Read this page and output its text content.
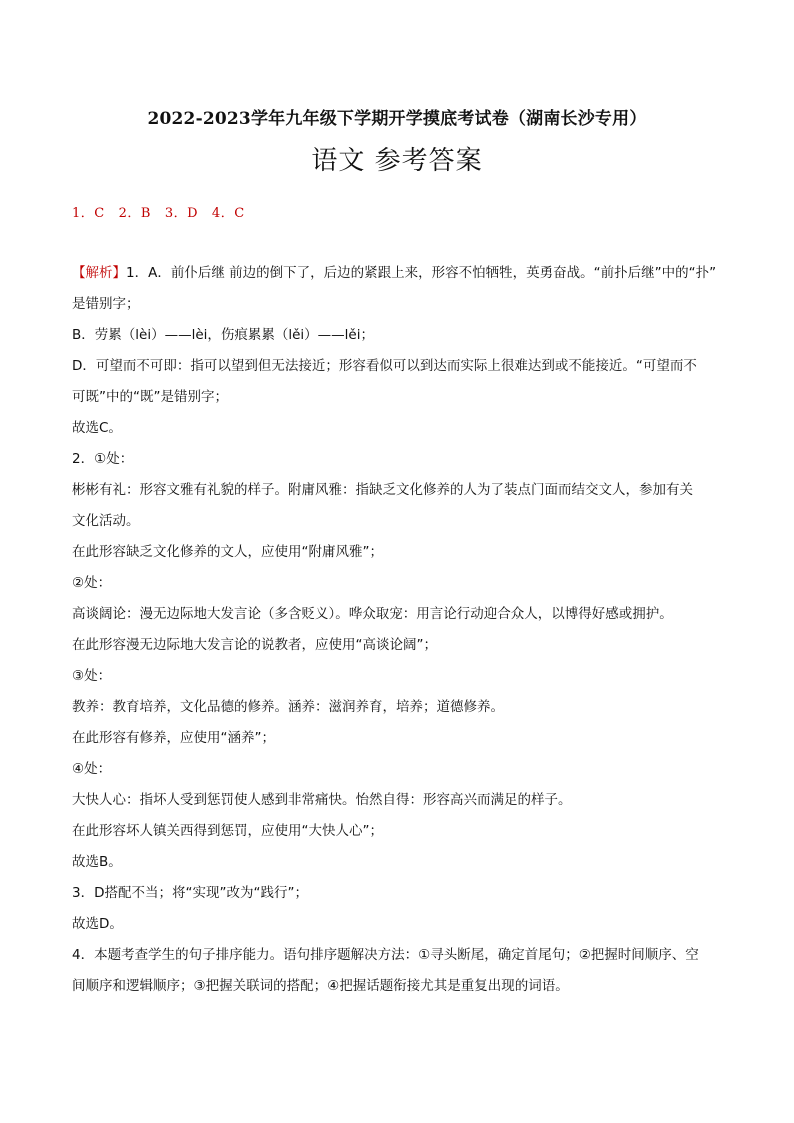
2022-2023学年九年级下学期开学摸底考试卷（湖南长沙专用）
语文 参考答案
1．C   2．B   3．D   4．C
【解析】1．A．前仆后继 前边的倒下了，后边的紧跟上来，形容不怕牺牲，英勇奋战。“前扑后继”中的“扑”
是错别字；
B．劳累（lèi）——lèi，伤痕累累（lěi）——lěi；
D．可望而不可即：指可以望到但无法接近；形容看似可以到达而实际上很难达到或不能接近。“可望而不
可既”中的“既”是错别字；
故选C。
2．①处：
彬彬有礼：形容文雅有礼貌的样子。附庸风雅：指缺乏文化修养的人为了装点门面而结交文人，参加有关
文化活动。
在此形容缺乏文化修养的文人，应使用“附庸风雅”；
②处：
高谈阔论：漫无边际地大发言论（多含贬义）。哗众取宠：用言论行动迎合众人，以博得好感或拥护。
在此形容漫无边际地大发言论的说教者，应使用“高谈论阔”；
③处：
教养：教育培养，文化品德的修养。涵养：滋润养育，培养；道德修养。
在此形容有修养，应使用“涵养”；
④处：
大快人心：指坏人受到惩罚使人感到非常痛快。怡然自得：形容高兴而满足的样子。
在此形容坏人镇关西得到惩罚，应使用“大快人心”；
故选B。
3．D搭配不当；将“实现”改为“践行”；
故选D。
4．本题考查学生的句子排序能力。语句排序题解决方法：①寻头断尾，确定首尾句；②把握时间顺序、空
间顺序和逻辑顺序；③把握关联词的搭配；④把握话题衔接尤其是重复出现的词语。
